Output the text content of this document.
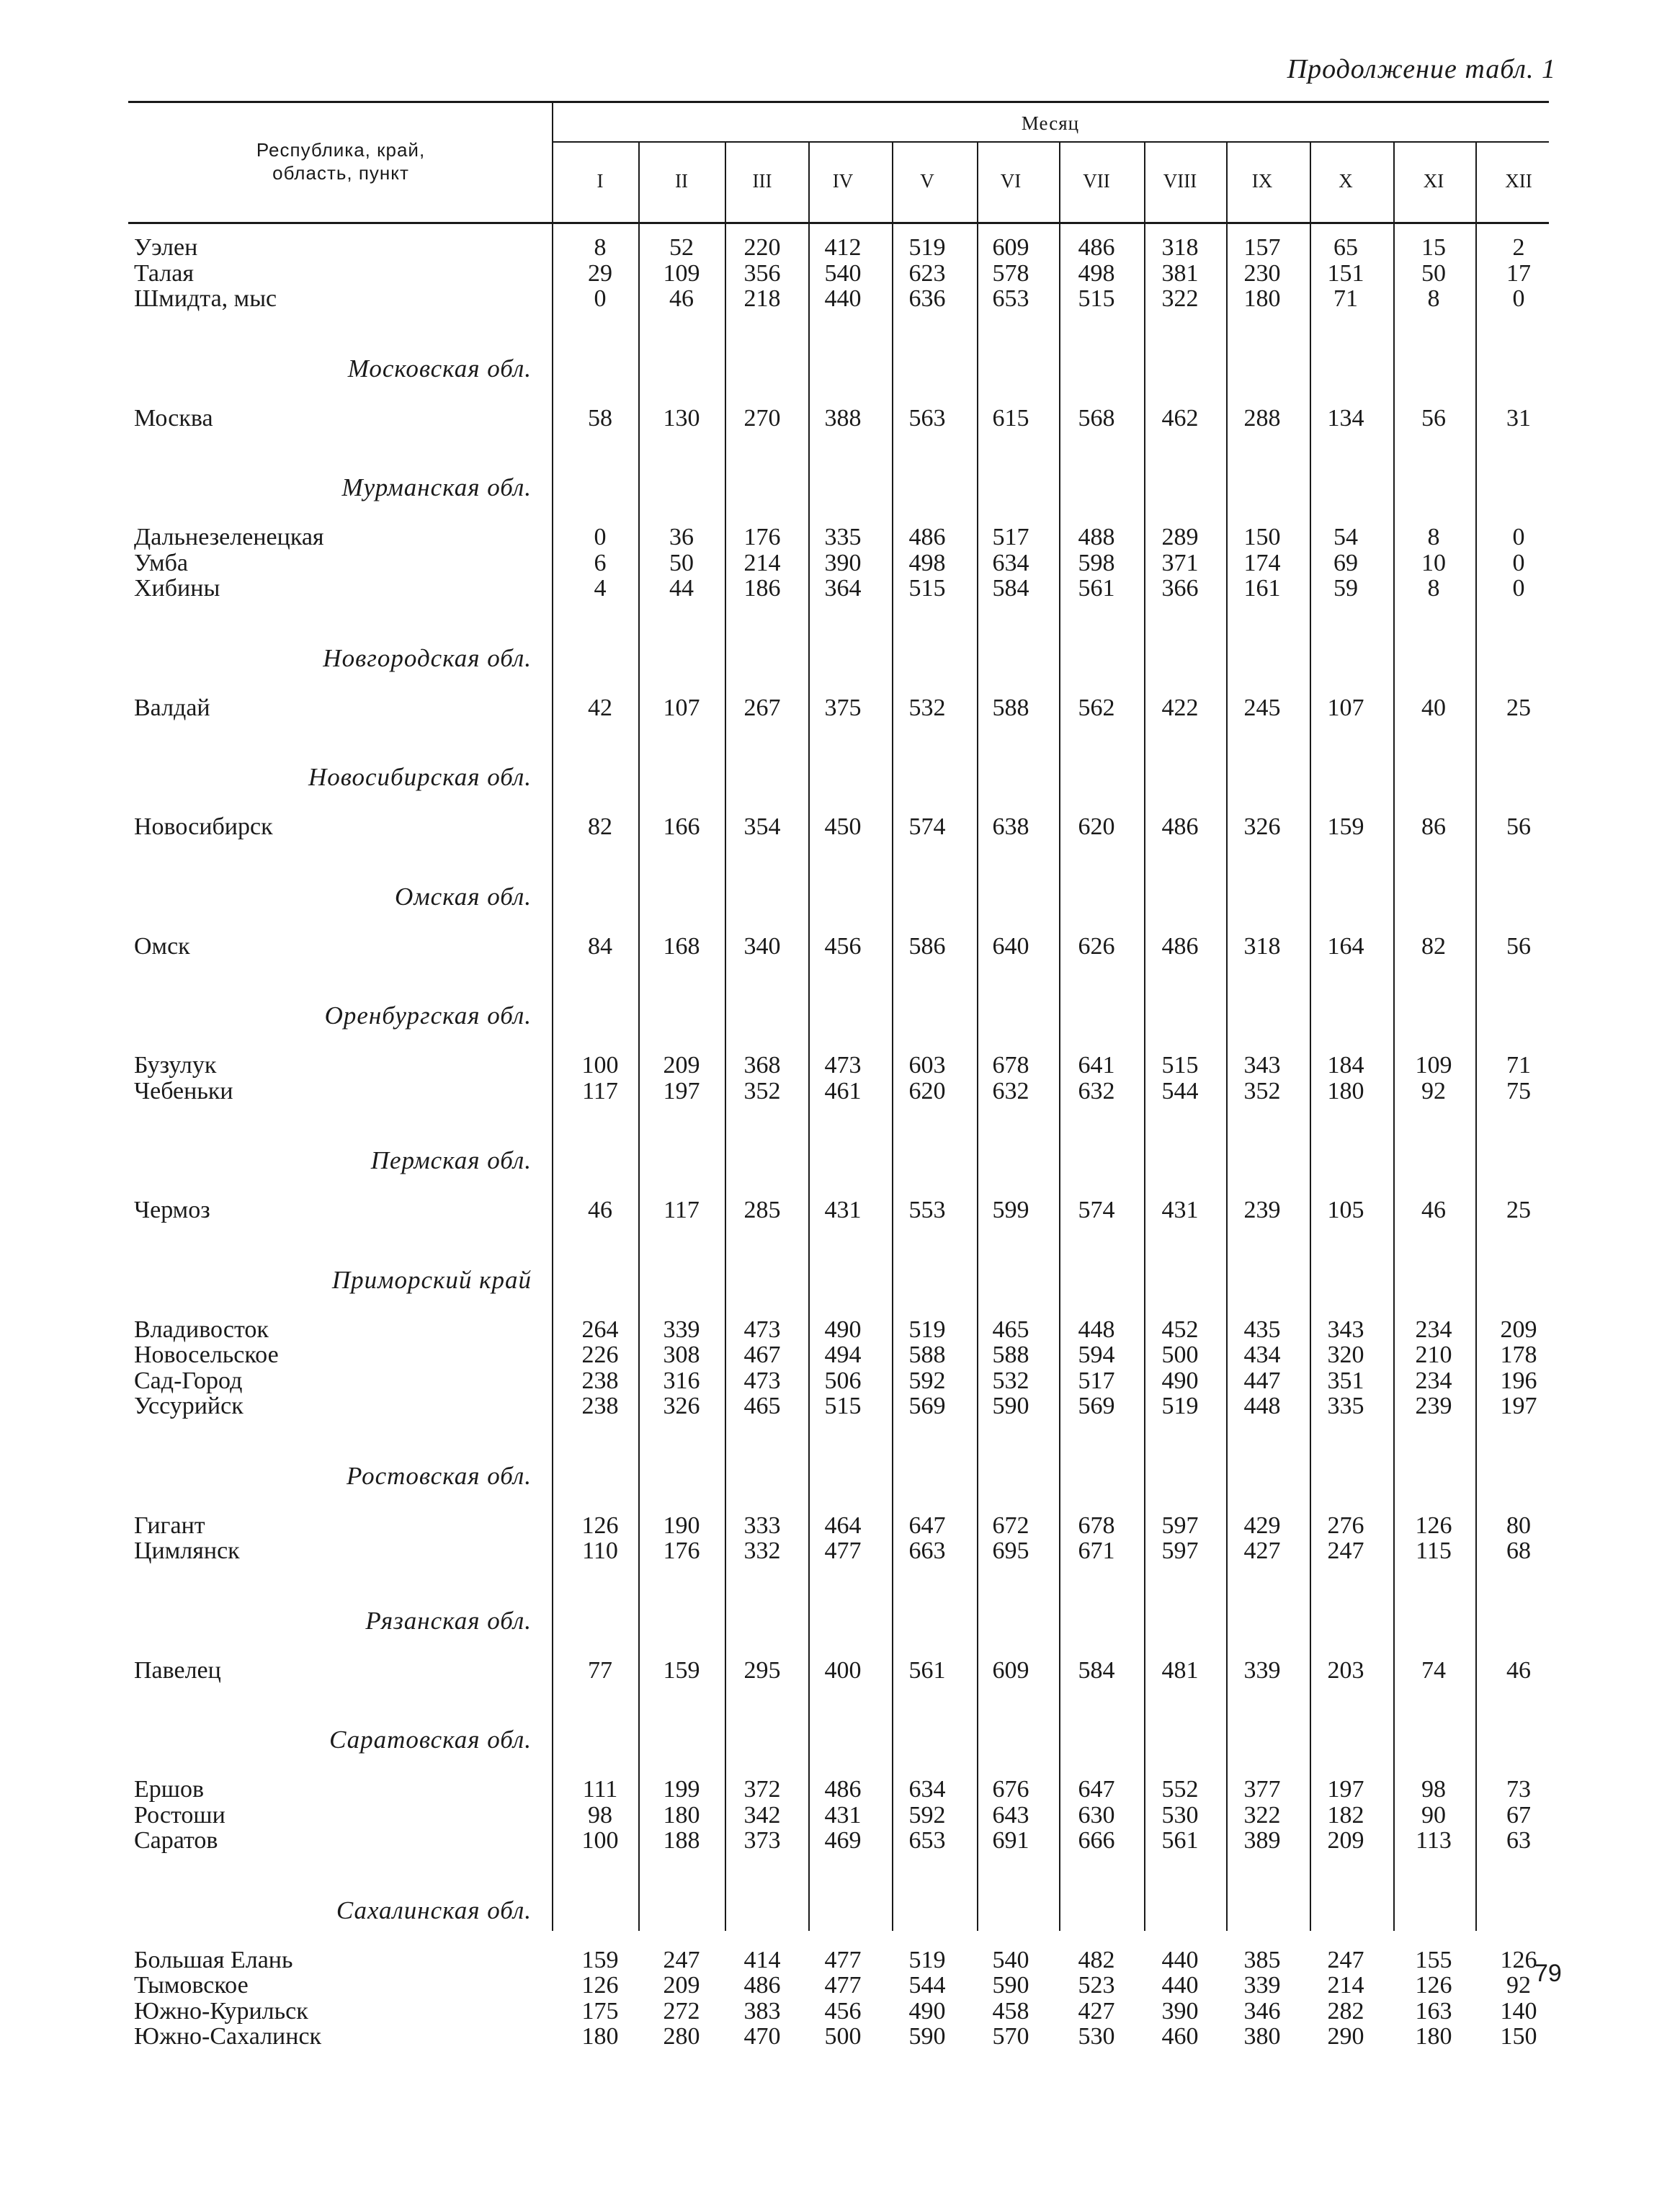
Продолжение табл. 1
Республика, край,
область, пункт
Месяц
I	II	III	IV	V	VI	VII	VIII	IX	X	XI	XII
Уэлен	8	52	220	412	519	609	486	318	157	65	15	2
Талая	29	109	356	540	623	578	498	381	230	151	50	17
Шмидта, мыс	0	46	218	440	636	653	515	322	180	71	8	0
Московская обл.
Москва	58	130	270	388	563	615	568	462	288	134	56	31
Мурманская обл.
Дальнезеленецкая	0	36	176	335	486	517	488	289	150	54	8	0
Умба	6	50	214	390	498	634	598	371	174	69	10	0
Хибины	4	44	186	364	515	584	561	366	161	59	8	0
Новгородская обл.
Валдай	42	107	267	375	532	588	562	422	245	107	40	25
Новосибирская обл.
Новосибирск	82	166	354	450	574	638	620	486	326	159	86	56
Омская обл.
Омск	84	168	340	456	586	640	626	486	318	164	82	56
Оренбургская обл.
Бузулук	100	209	368	473	603	678	641	515	343	184	109	71
Чебеньки	117	197	352	461	620	632	632	544	352	180	92	75
Пермская обл.
Чермоз	46	117	285	431	553	599	574	431	239	105	46	25
Приморский край
Владивосток	264	339	473	490	519	465	448	452	435	343	234	209
Новосельское	226	308	467	494	588	588	594	500	434	320	210	178
Сад-Город	238	316	473	506	592	532	517	490	447	351	234	196
Уссурийск	238	326	465	515	569	590	569	519	448	335	239	197
Ростовская обл.
Гигант	126	190	333	464	647	672	678	597	429	276	126	80
Цимлянск	110	176	332	477	663	695	671	597	427	247	115	68
Рязанская обл.
Павелец	77	159	295	400	561	609	584	481	339	203	74	46
Саратовская обл.
Ершов	111	199	372	486	634	676	647	552	377	197	98	73
Ростоши	98	180	342	431	592	643	630	530	322	182	90	67
Саратов	100	188	373	469	653	691	666	561	389	209	113	63
Сахалинская обл.
Большая Елань	159	247	414	477	519	540	482	440	385	247	155	126
Тымовское	126	209	486	477	544	590	523	440	339	214	126	92
Южно-Курильск	175	272	383	456	490	458	427	390	346	282	163	140
Южно-Сахалинск	180	280	470	500	590	570	530	460	380	290	180	150
79
